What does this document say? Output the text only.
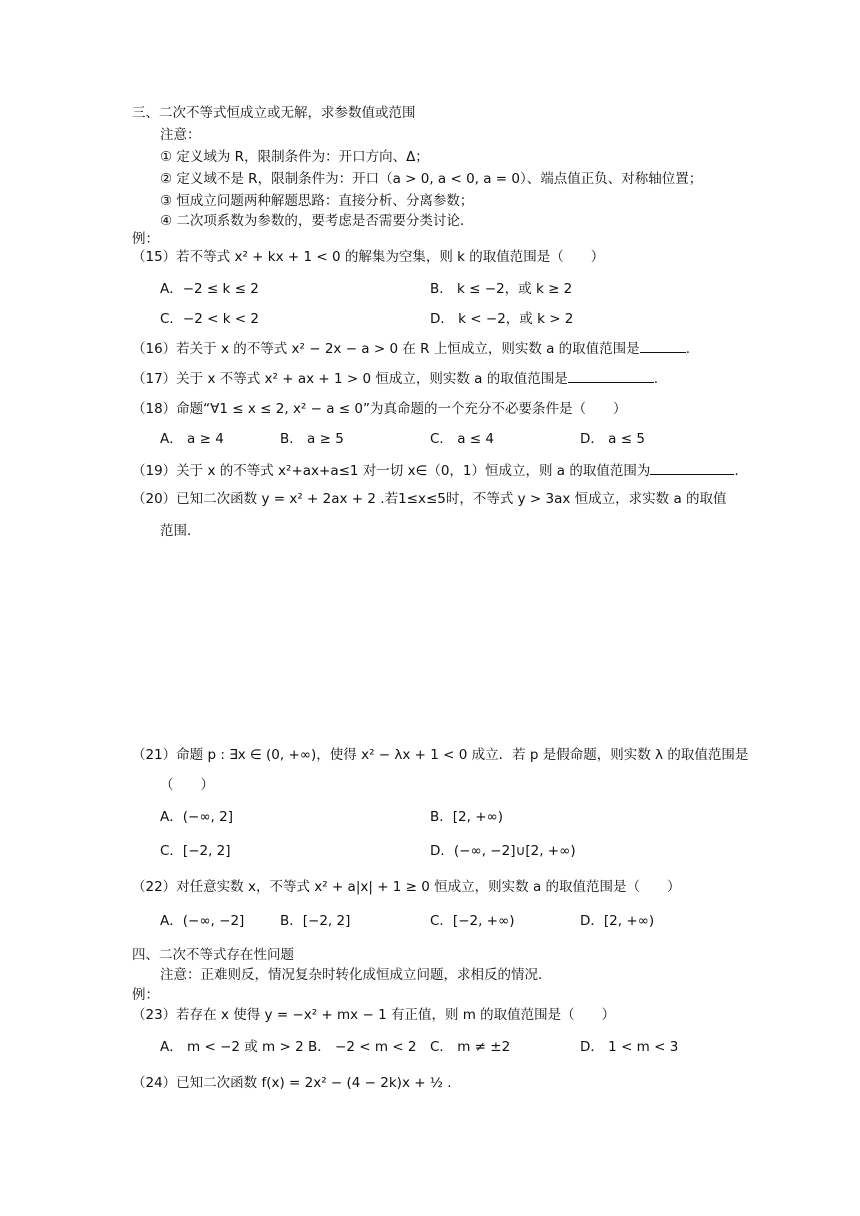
三、二次不等式恒成立或无解，求参数值或范围
注意：
① 定义域为 R，限制条件为：开口方向、Δ；
② 定义域不是 R，限制条件为：开口（a > 0, a < 0, a = 0）、端点值正负、对称轴位置；
③ 恒成立问题两种解题思路：直接分析、分离参数；
④ 二次项系数为参数的，要考虑是否需要分类讨论.
例：
（15）若不等式 x² + kx + 1 < 0 的解集为空集，则 k 的取值范围是（　　）
A．−2 ≤ k ≤ 2	B． k ≤ −2，或 k ≥ 2
C．−2 < k < 2	D． k < −2，或 k > 2
（16）若关于 x 的不等式 x² − 2x − a > 0 在 R 上恒成立，则实数 a 的取值范围是	.
（17）关于 x 不等式 x² + ax + 1 > 0 恒成立，则实数 a 的取值范围是	.
（18）命题“∀1 ≤ x ≤ 2, x² − a ≤ 0”为真命题的一个充分不必要条件是（　　）
A． a ≥ 4	B． a ≥ 5	C． a ≤ 4	D． a ≤ 5
（19）关于 x 的不等式 x²+ax+a≤1 对一切 x∈（0，1）恒成立，则 a 的取值范围为	.
（20）已知二次函数 y = x² + 2ax + 2 .若1≤x≤5时，不等式 y > 3ax 恒成立，求实数 a 的取值
范围.
（21）命题 p : ∃x ∈ (0, +∞)，使得 x² − λx + 1 < 0 成立．若 p 是假命题，则实数 λ 的取值范围是
（　　）
A．(−∞, 2]	B．[2, +∞)
C．[−2, 2]	D．(−∞, −2]∪[2, +∞)
（22）对任意实数 x，不等式 x² + a|x| + 1 ≥ 0 恒成立，则实数 a 的取值范围是（　　）
A．(−∞, −2]	B．[−2, 2]	C．[−2, +∞)	D．[2, +∞)
四、二次不等式存在性问题
注意：正难则反，情况复杂时转化成恒成立问题，求相反的情况.
例：
（23）若存在 x 使得 y = −x² + mx − 1 有正值，则 m 的取值范围是（　　）
A． m < −2 或 m > 2 B． −2 < m < 2 C． m ≠ ±2	D． 1 < m < 3
（24）已知二次函数 f(x) = 2x² − (4 − 2k)x + ½ .
